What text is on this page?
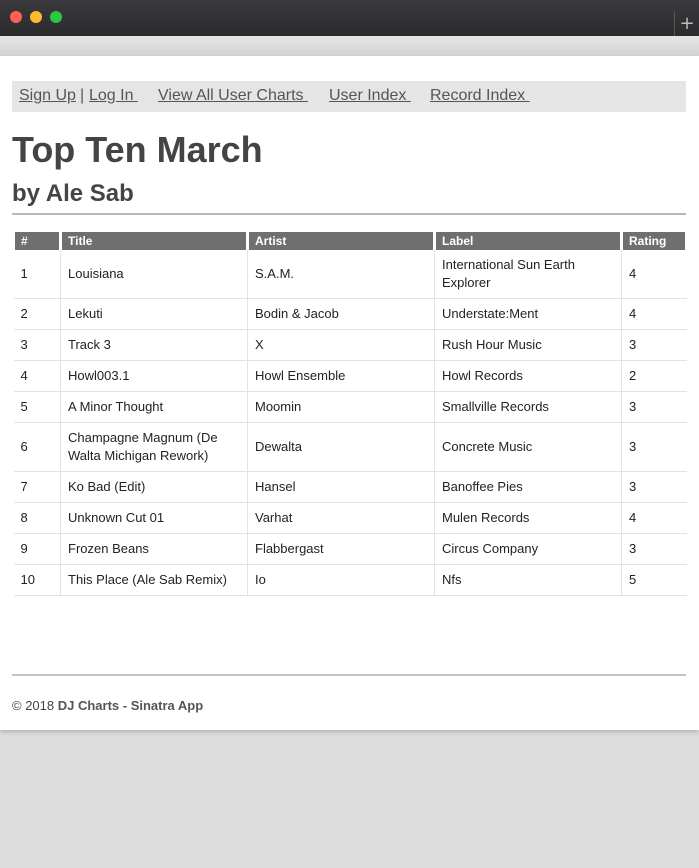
+
Sign Up | Log In View All User Charts User Index Record Index
Top Ten March
by Ale Sab
#	Title	Artist	Label	Rating
1	Louisiana	S.A.M.	International Sun Earth Explorer	4
2	Lekuti	Bodin & Jacob	Understate:Ment	4
3	Track 3	X	Rush Hour Music	3
4	Howl003.1	Howl Ensemble	Howl Records	2
5	A Minor Thought	Moomin	Smallville Records	3
6	Champagne Magnum (De Walta Michigan Rework)	Dewalta	Concrete Music	3
7	Ko Bad (Edit)	Hansel	Banoffee Pies	3
8	Unknown Cut 01	Varhat	Mulen Records	4
9	Frozen Beans	Flabbergast	Circus Company	3
10	This Place (Ale Sab Remix)	Io	Nfs	5
© 2018 DJ Charts - Sinatra App
